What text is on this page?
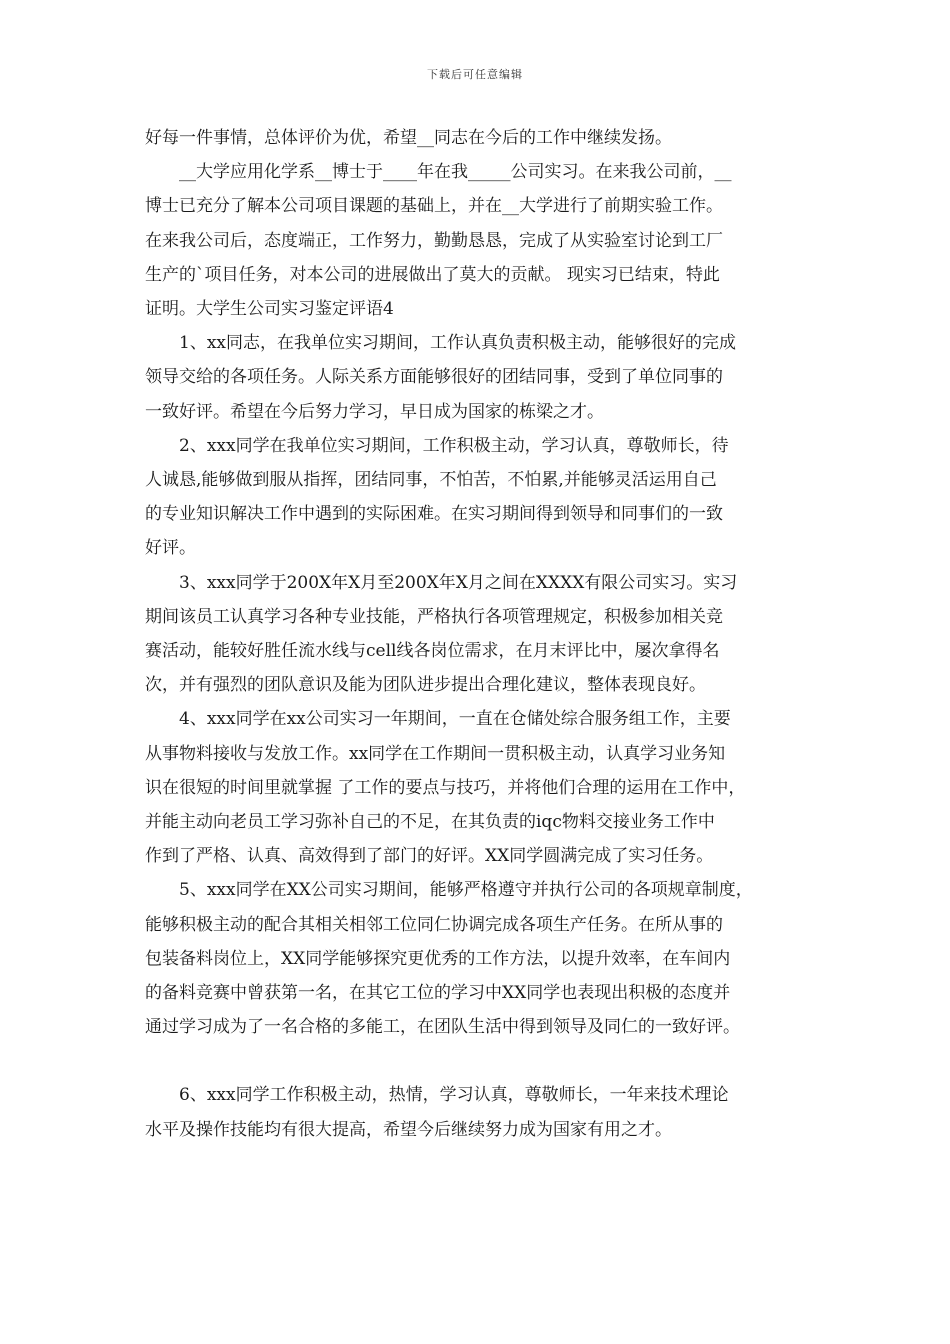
下载后可任意编辑
好每一件事情，总体评价为优，希望__同志在今后的工作中继续发扬。
__大学应用化学系__博士于____年在我_____公司实习。在来我公司前，__
博士已充分了解本公司项目课题的基础上，并在__大学进行了前期实验工作。
在来我公司后，态度端正，工作努力，勤勤恳恳，完成了从实验室讨论到工厂
生产的`项目任务，对本公司的进展做出了莫大的贡献。 现实习已结束，特此
证明。大学生公司实习鉴定评语4
1、xx同志，在我单位实习期间，工作认真负责积极主动，能够很好的完成
领导交给的各项任务。人际关系方面能够很好的团结同事，受到了单位同事的
一致好评。希望在今后努力学习，早日成为国家的栋梁之才。
2、xxx同学在我单位实习期间，工作积极主动，学习认真，尊敬师长，待
人诚恳,能够做到服从指挥，团结同事，不怕苦，不怕累,并能够灵活运用自己
的专业知识解决工作中遇到的实际困难。在实习期间得到领导和同事们的一致
好评。
3、xxx同学于200X年X月至200X年X月之间在XXXX有限公司实习。实习
期间该员工认真学习各种专业技能，严格执行各项管理规定，积极参加相关竞
赛活动，能较好胜任流水线与cell线各岗位需求，在月末评比中，屡次拿得名
次，并有强烈的团队意识及能为团队进步提出合理化建议，整体表现良好。
4、xxx同学在xx公司实习一年期间，一直在仓储处综合服务组工作，主要
从事物料接收与发放工作。xx同学在工作期间一贯积极主动，认真学习业务知
识在很短的时间里就掌握 了工作的要点与技巧，并将他们合理的运用在工作中，
并能主动向老员工学习弥补自己的不足，在其负责的iqc物料交接业务工作中
作到了严格、认真、高效得到了部门的好评。XX同学圆满完成了实习任务。
5、xxx同学在XX公司实习期间，能够严格遵守并执行公司的各项规章制度，
能够积极主动的配合其相关相邻工位同仁协调完成各项生产任务。在所从事的
包装备料岗位上，XX同学能够探究更优秀的工作方法，以提升效率，在车间内
的备料竞赛中曾获第一名，在其它工位的学习中XX同学也表现出积极的态度并
通过学习成为了一名合格的多能工，在团队生活中得到领导及同仁的一致好评。
6、xxx同学工作积极主动，热情，学习认真，尊敬师长，一年来技术理论
水平及操作技能均有很大提高，希望今后继续努力成为国家有用之才。
